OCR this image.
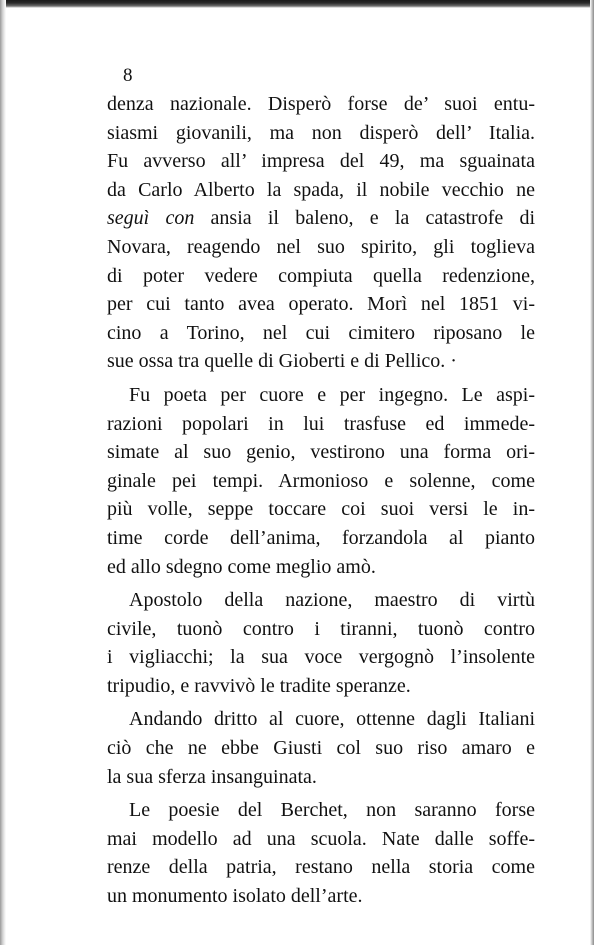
8
denza nazionale. Disperò forse de’ suoi entu-
siasmi giovanili, ma non disperò dell’ Italia.
Fu avverso all’ impresa del 49, ma sguainata
da Carlo Alberto la spada, il nobile vecchio ne
seguì con ansia il baleno, e la catastrofe di
Novara, reagendo nel suo spirito, gli toglieva
di poter vedere compiuta quella redenzione,
per cui tanto avea operato. Morì nel 1851 vi-
cino a Torino, nel cui cimitero riposano le
sue ossa tra quelle di Gioberti e di Pellico. ·
Fu poeta per cuore e per ingegno. Le aspi-
razioni popolari in lui trasfuse ed immede-
simate al suo genio, vestirono una forma ori-
ginale pei tempi. Armonioso e solenne, come
più volle, seppe toccare coi suoi versi le in-
time corde dell’anima, forzandola al pianto
ed allo sdegno come meglio amò.
Apostolo della nazione, maestro di virtù
civile, tuonò contro i tiranni, tuonò contro
i vigliacchi; la sua voce vergognò l’insolente
tripudio, e ravvivò le tradite speranze.
Andando dritto al cuore, ottenne dagli Italiani
ciò che ne ebbe Giusti col suo riso amaro e
la sua sferza insanguinata.
Le poesie del Berchet, non saranno forse
mai modello ad una scuola. Nate dalle soffe-
renze della patria, restano nella storia come
un monumento isolato dell’arte.
